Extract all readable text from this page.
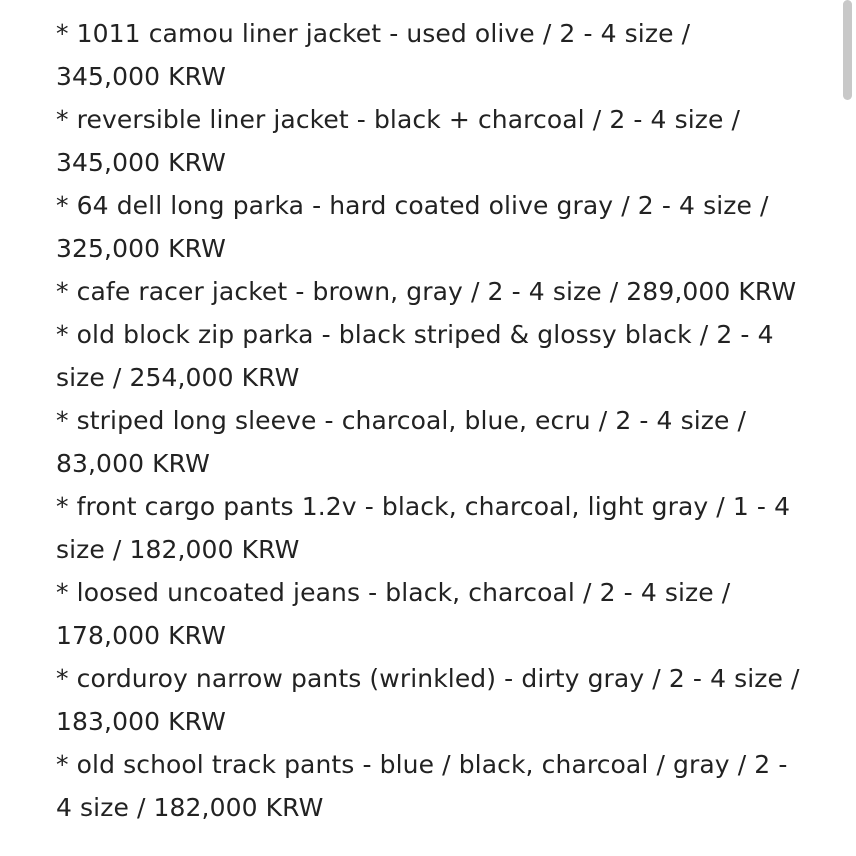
* 1011 camou liner jacket - used olive / 2 - 4 size / 345,000 KRW

* reversible liner jacket - black + charcoal / 2 - 4 size / 345,000 KRW

* 64 dell long parka - hard coated olive gray / 2 - 4 size / 325,000 KRW

* cafe racer jacket - brown, gray / 2 - 4 size / 289,000 KRW

* old block zip parka - black striped & glossy black / 2 - 4 size / 254,000 KRW

* striped long sleeve - charcoal, blue, ecru / 2 - 4 size / 83,000 KRW

* front cargo pants 1.2v - black, charcoal, light gray / 1 - 4 size / 182,000 KRW

* loosed uncoated jeans - black, charcoal / 2 - 4 size / 178,000 KRW

* corduroy narrow pants (wrinkled) - dirty gray / 2 - 4 size / 183,000 KRW

* old school track pants - blue / black, charcoal / gray / 2 - 4 size / 182,000 KRW
